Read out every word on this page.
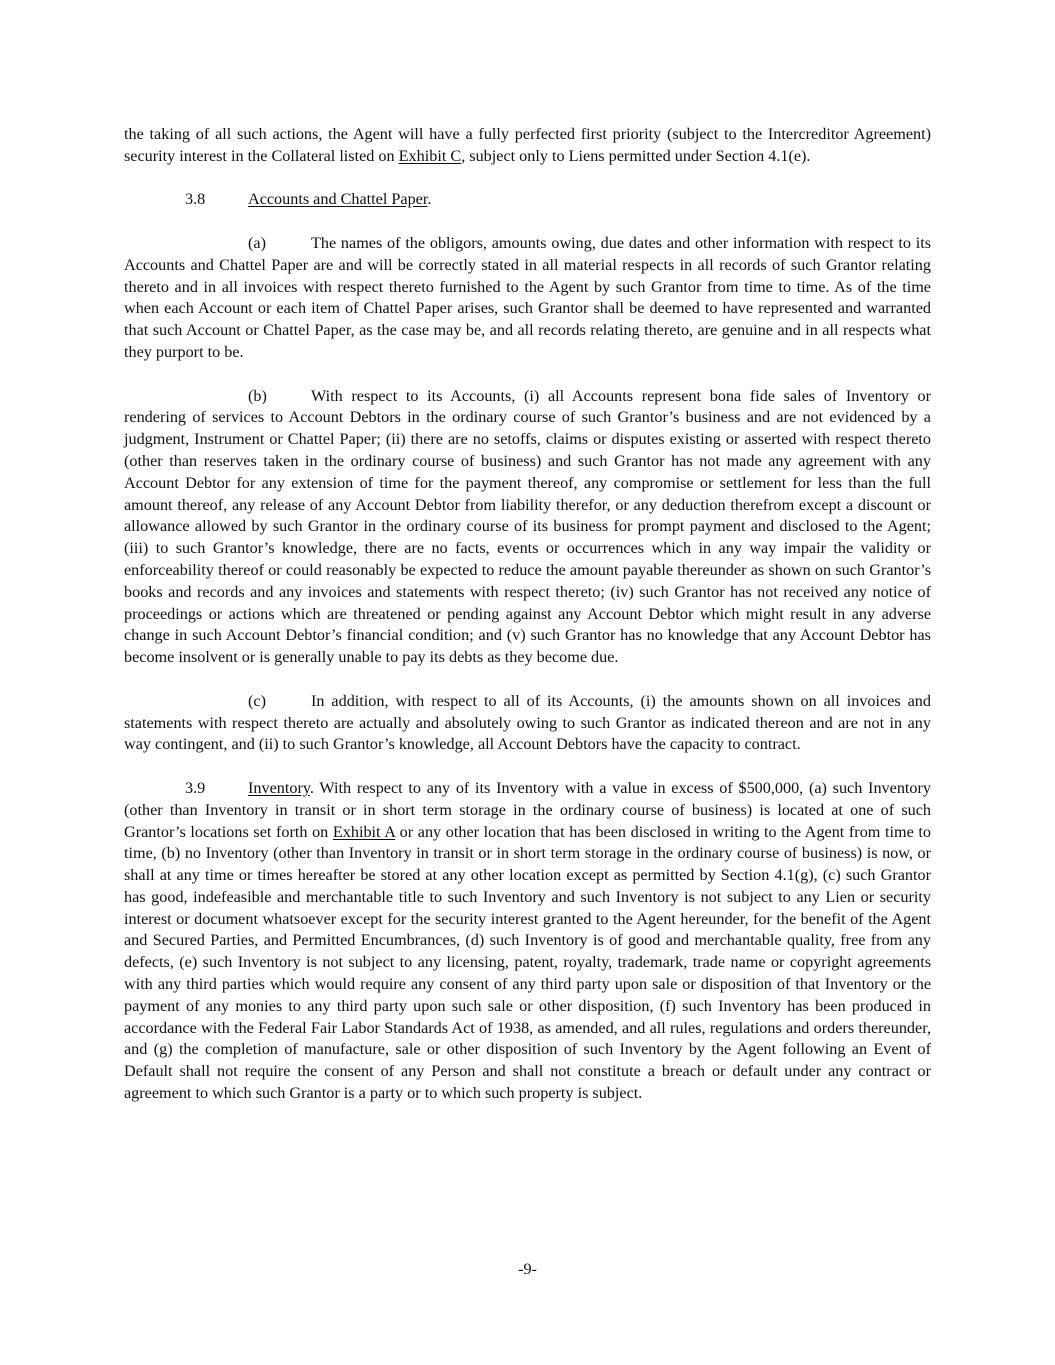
the taking of all such actions, the Agent will have a fully perfected first priority (subject to the Intercreditor Agreement) security interest in the Collateral listed on Exhibit C, subject only to Liens permitted under Section 4.1(e).

3.8	Accounts and Chattel Paper.

(a)	The names of the obligors, amounts owing, due dates and other information with respect to its Accounts and Chattel Paper are and will be correctly stated in all material respects in all records of such Grantor relating thereto and in all invoices with respect thereto furnished to the Agent by such Grantor from time to time. As of the time when each Account or each item of Chattel Paper arises, such Grantor shall be deemed to have represented and warranted that such Account or Chattel Paper, as the case may be, and all records relating thereto, are genuine and in all respects what they purport to be.

(b)	With respect to its Accounts, (i) all Accounts represent bona fide sales of Inventory or rendering of services to Account Debtors in the ordinary course of such Grantor’s business and are not evidenced by a judgment, Instrument or Chattel Paper; (ii) there are no setoffs, claims or disputes existing or asserted with respect thereto (other than reserves taken in the ordinary course of business) and such Grantor has not made any agreement with any Account Debtor for any extension of time for the payment thereof, any compromise or settlement for less than the full amount thereof, any release of any Account Debtor from liability therefor, or any deduction therefrom except a discount or allowance allowed by such Grantor in the ordinary course of its business for prompt payment and disclosed to the Agent; (iii) to such Grantor’s knowledge, there are no facts, events or occurrences which in any way impair the validity or enforceability thereof or could reasonably be expected to reduce the amount payable thereunder as shown on such Grantor’s books and records and any invoices and statements with respect thereto; (iv) such Grantor has not received any notice of proceedings or actions which are threatened or pending against any Account Debtor which might result in any adverse change in such Account Debtor’s financial condition; and (v) such Grantor has no knowledge that any Account Debtor has become insolvent or is generally unable to pay its debts as they become due.

(c)	In addition, with respect to all of its Accounts, (i) the amounts shown on all invoices and statements with respect thereto are actually and absolutely owing to such Grantor as indicated thereon and are not in any way contingent, and (ii) to such Grantor’s knowledge, all Account Debtors have the capacity to contract.

3.9	Inventory. With respect to any of its Inventory with a value in excess of $500,000, (a) such Inventory (other than Inventory in transit or in short term storage in the ordinary course of business) is located at one of such Grantor’s locations set forth on Exhibit A or any other location that has been disclosed in writing to the Agent from time to time, (b) no Inventory (other than Inventory in transit or in short term storage in the ordinary course of business) is now, or shall at any time or times hereafter be stored at any other location except as permitted by Section 4.1(g), (c) such Grantor has good, indefeasible and merchantable title to such Inventory and such Inventory is not subject to any Lien or security interest or document whatsoever except for the security interest granted to the Agent hereunder, for the benefit of the Agent and Secured Parties, and Permitted Encumbrances, (d) such Inventory is of good and merchantable quality, free from any defects, (e) such Inventory is not subject to any licensing, patent, royalty, trademark, trade name or copyright agreements with any third parties which would require any consent of any third party upon sale or disposition of that Inventory or the payment of any monies to any third party upon such sale or other disposition, (f) such Inventory has been produced in accordance with the Federal Fair Labor Standards Act of 1938, as amended, and all rules, regulations and orders thereunder, and (g) the completion of manufacture, sale or other disposition of such Inventory by the Agent following an Event of Default shall not require the consent of any Person and shall not constitute a breach or default under any contract or agreement to which such Grantor is a party or to which such property is subject.

-9-
